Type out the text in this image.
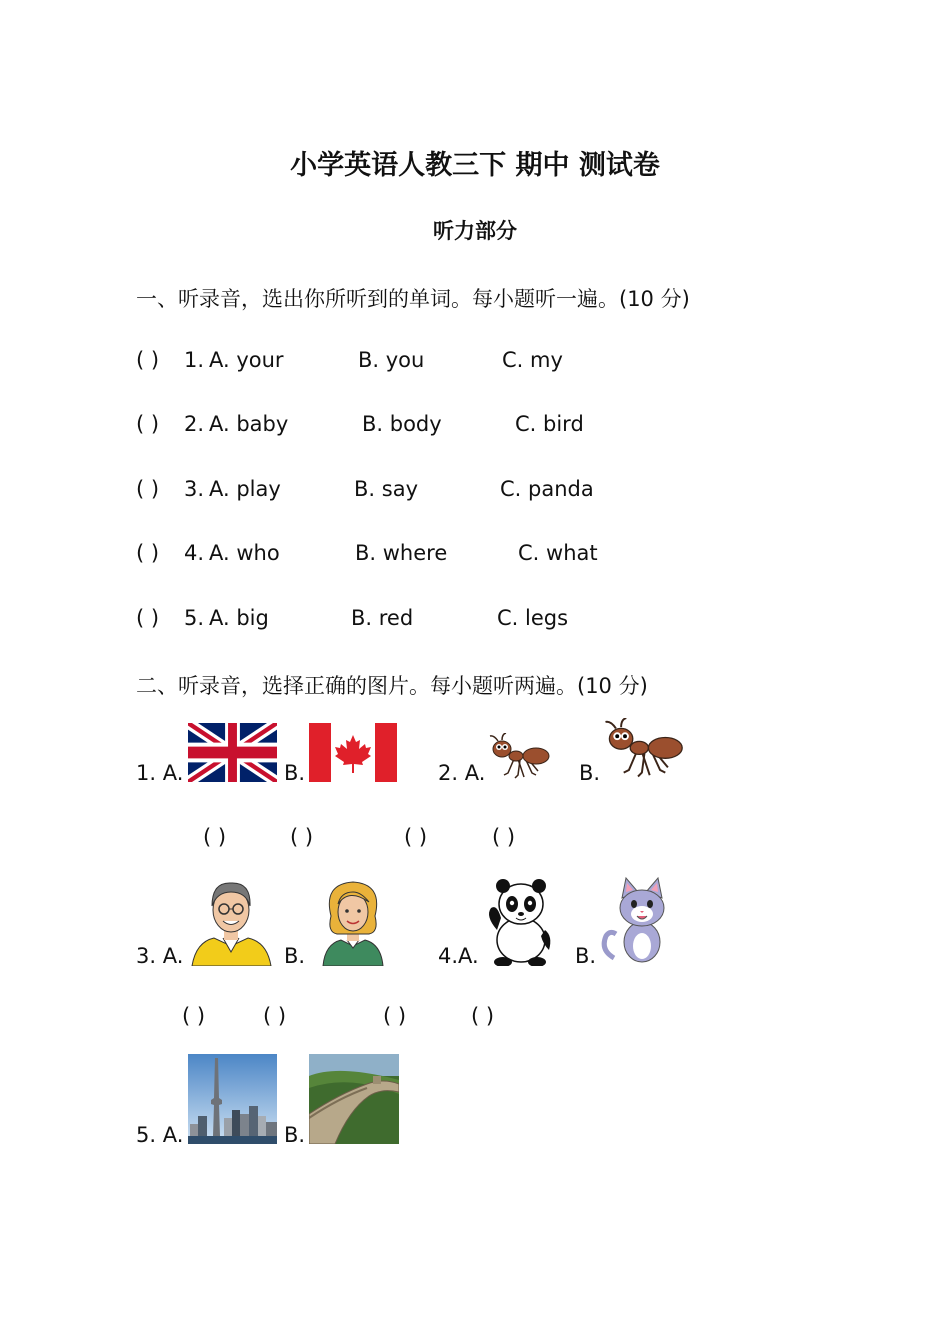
小学英语人教三下 期中 测试卷
听力部分
一、听录音，选出你所听到的单词。每小题听一遍。(10 分)
( ) 1. A. your	B. you	C. my
( ) 2. A. baby	B. body	C. bird
( ) 3. A. play	B. say	C. panda
( ) 4. A. who	B. where	C. what
( ) 5. A. big	B. red	C. legs
二、听录音，选择正确的图片。每小题听两遍。(10 分)
1. A.	B.	2. A.	B.
( )	( )	( )	( )
3. A.	B.	4.A.	B.
( )	( )	( )	( )
5. A.	B.
